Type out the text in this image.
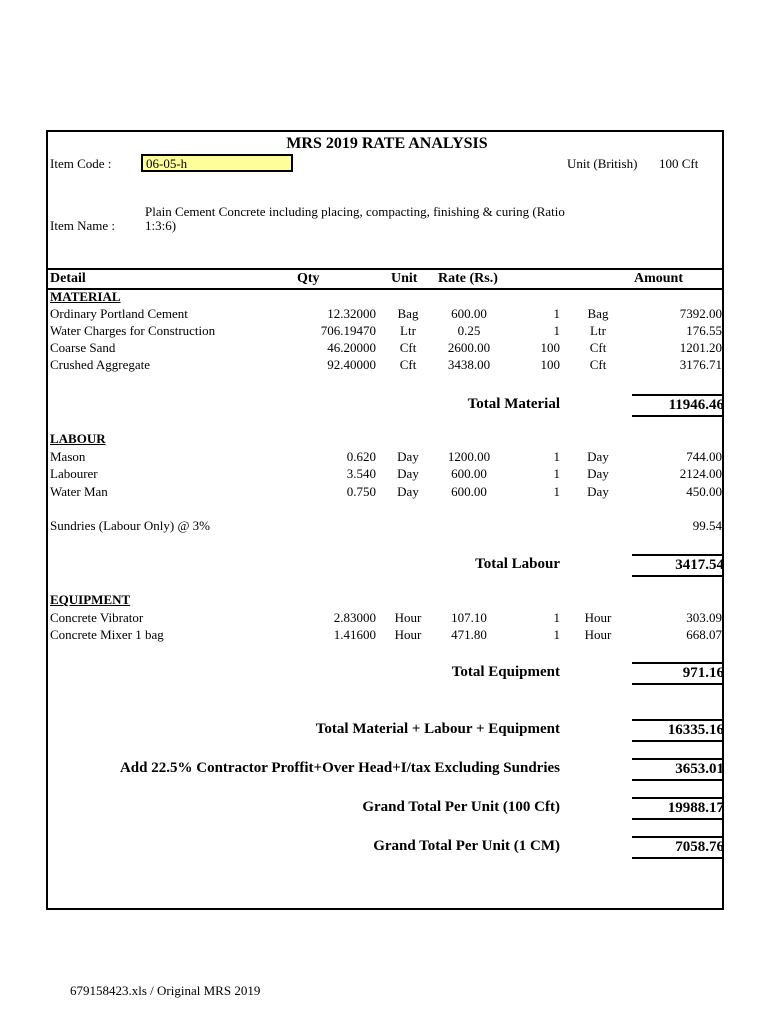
MRS 2019 RATE ANALYSIS
Item Code :	06-05-h	Unit (British) 100 Cft
Plain Cement Concrete including placing, compacting, finishing & curing (Ratio
Item Name : 1:3:6)
Detail	Qty	Unit Rate (Rs.)	Amount
MATERIAL
Ordinary Portland Cement	12.32000	Bag	600.00	1	Bag	7392.00
Water Charges for Construction	706.19470	Ltr	0.25	1	Ltr	176.55
Coarse Sand	46.20000	Cft	2600.00	100	Cft	1201.20
Crushed Aggregate	92.40000	Cft	3438.00	100	Cft	3176.71
Total Material	11946.46
LABOUR
Mason	0.620	Day	1200.00	1	Day	744.00
Labourer	3.540	Day	600.00	1	Day	2124.00
Water Man	0.750	Day	600.00	1	Day	450.00
Sundries (Labour Only) @ 3%	99.54
Total Labour	3417.54
EQUIPMENT
Concrete Vibrator	2.83000	Hour	107.10	1	Hour	303.09
Concrete Mixer 1 bag	1.41600	Hour	471.80	1	Hour	668.07
Total Equipment	971.16
Total Material + Labour + Equipment	16335.16
Add 22.5% Contractor Proffit+Over Head+I/tax Excluding Sundries	3653.01
Grand Total Per Unit (100 Cft)	19988.17
Grand Total Per Unit (1 CM)	7058.76
679158423.xls / Original MRS 2019
